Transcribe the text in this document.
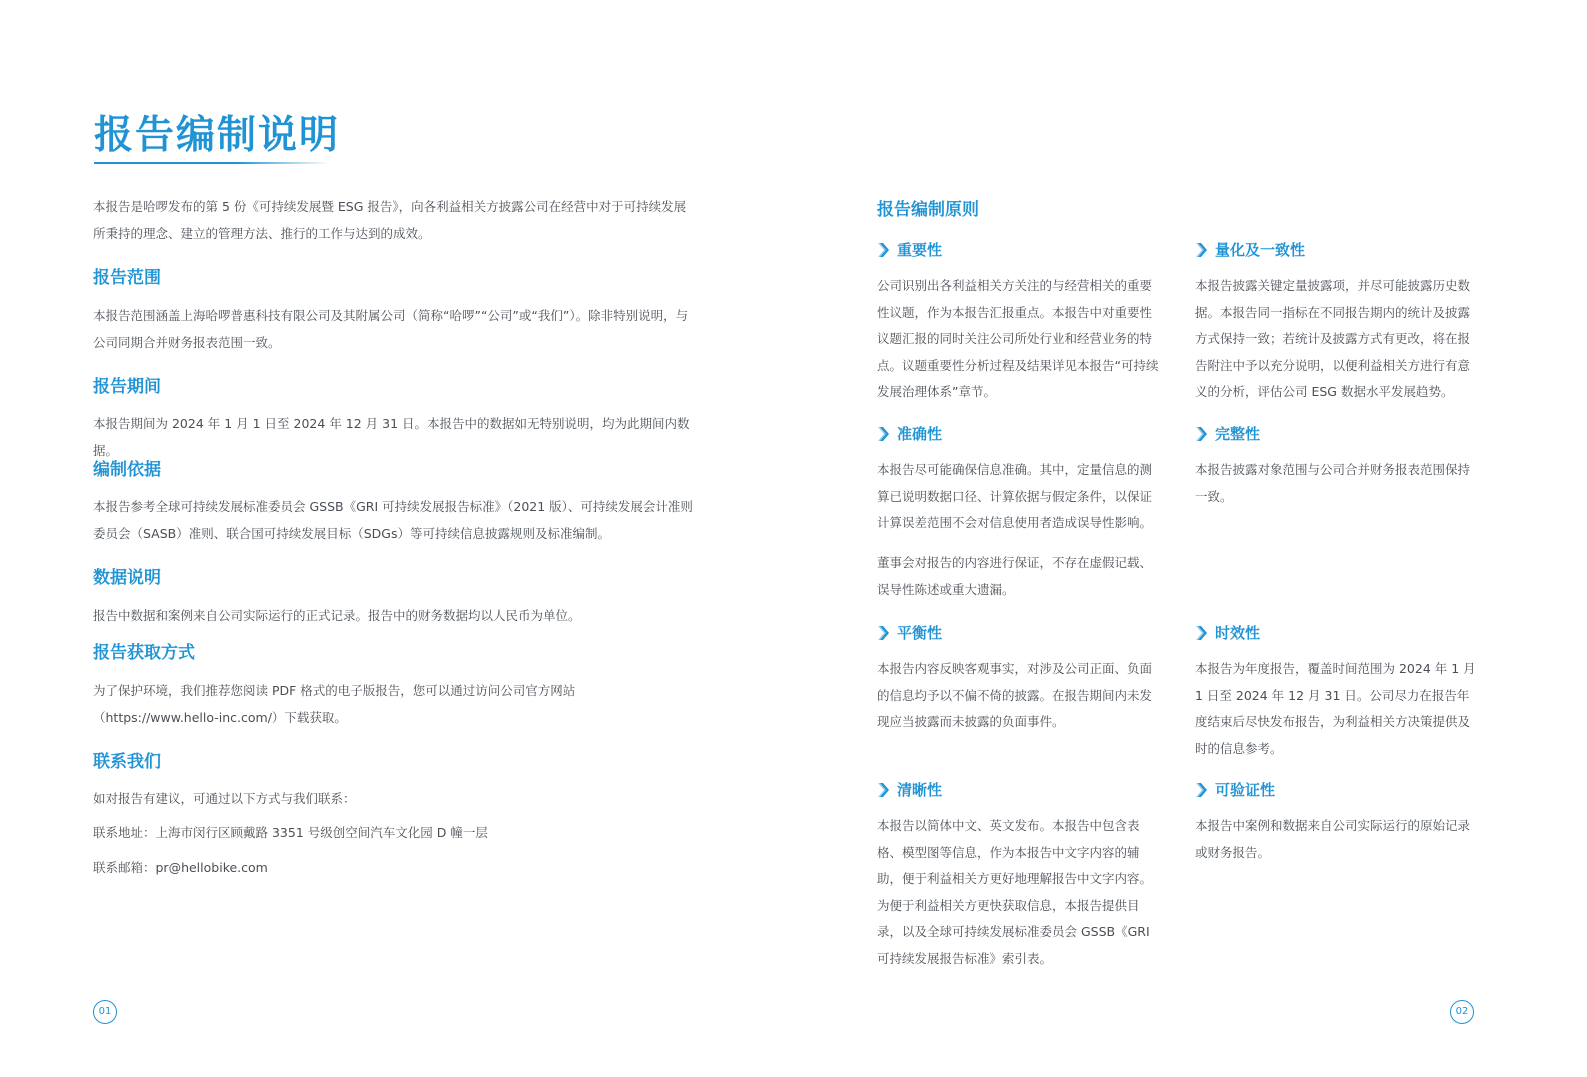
报告编制说明

本报告是哈啰发布的第 5 份《可持续发展暨 ESG 报告》，向各利益相关方披露公司在经营中对于可持续发展所秉持的理念、建立的管理方法、推行的工作与达到的成效。

报告范围

本报告范围涵盖上海哈啰普惠科技有限公司及其附属公司（简称“哈啰”“公司”或“我们”）。除非特别说明，与公司同期合并财务报表范围一致。

报告期间

本报告期间为 2024 年 1 月 1 日至 2024 年 12 月 31 日。本报告中的数据如无特别说明，均为此期间内数据。

编制依据

本报告参考全球可持续发展标准委员会 GSSB《GRI 可持续发展报告标准》（2021 版）、可持续发展会计准则委员会（SASB）准则、联合国可持续发展目标（SDGs）等可持续信息披露规则及标准编制。

数据说明

报告中数据和案例来自公司实际运行的正式记录。报告中的财务数据均以人民币为单位。

报告获取方式

为了保护环境，我们推荐您阅读 PDF 格式的电子版报告，您可以通过访问公司官方网站（https://www.hello-inc.com/）下载获取。

联系我们

如对报告有建议，可通过以下方式与我们联系：

联系地址：上海市闵行区顾戴路 3351 号级创空间汽车文化园 D 幢一层

联系邮箱：pr@hellobike.com

01
报告编制原则
重要性

公司识别出各利益相关方关注的与经营相关的重要性议题，作为本报告汇报重点。本报告中对重要性议题汇报的同时关注公司所处行业和经营业务的特点。议题重要性分析过程及结果详见本报告“可持续发展治理体系”章节。

量化及一致性

本报告披露关键定量披露项，并尽可能披露历史数据。本报告同一指标在不同报告期内的统计及披露方式保持一致；若统计及披露方式有更改，将在报告附注中予以充分说明，以便利益相关方进行有意义的分析，评估公司 ESG 数据水平发展趋势。

准确性

本报告尽可能确保信息准确。其中，定量信息的测算已说明数据口径、计算依据与假定条件，以保证计算误差范围不会对信息使用者造成误导性影响。

董事会对报告的内容进行保证，不存在虚假记载、误导性陈述或重大遗漏。

完整性

本报告披露对象范围与公司合并财务报表范围保持一致。

平衡性

本报告内容反映客观事实，对涉及公司正面、负面的信息均予以不偏不倚的披露。在报告期间内未发现应当披露而未披露的负面事件。

时效性

本报告为年度报告，覆盖时间范围为 2024 年 1 月 1 日至 2024 年 12 月 31 日。公司尽力在报告年度结束后尽快发布报告，为利益相关方决策提供及时的信息参考。

清晰性

本报告以简体中文、英文发布。本报告中包含表格、模型图等信息，作为本报告中文字内容的辅助，便于利益相关方更好地理解报告中文字内容。为便于利益相关方更快获取信息，本报告提供目录，以及全球可持续发展标准委员会 GSSB《GRI 可持续发展报告标准》索引表。

可验证性

本报告中案例和数据来自公司实际运行的原始记录或财务报告。

02
